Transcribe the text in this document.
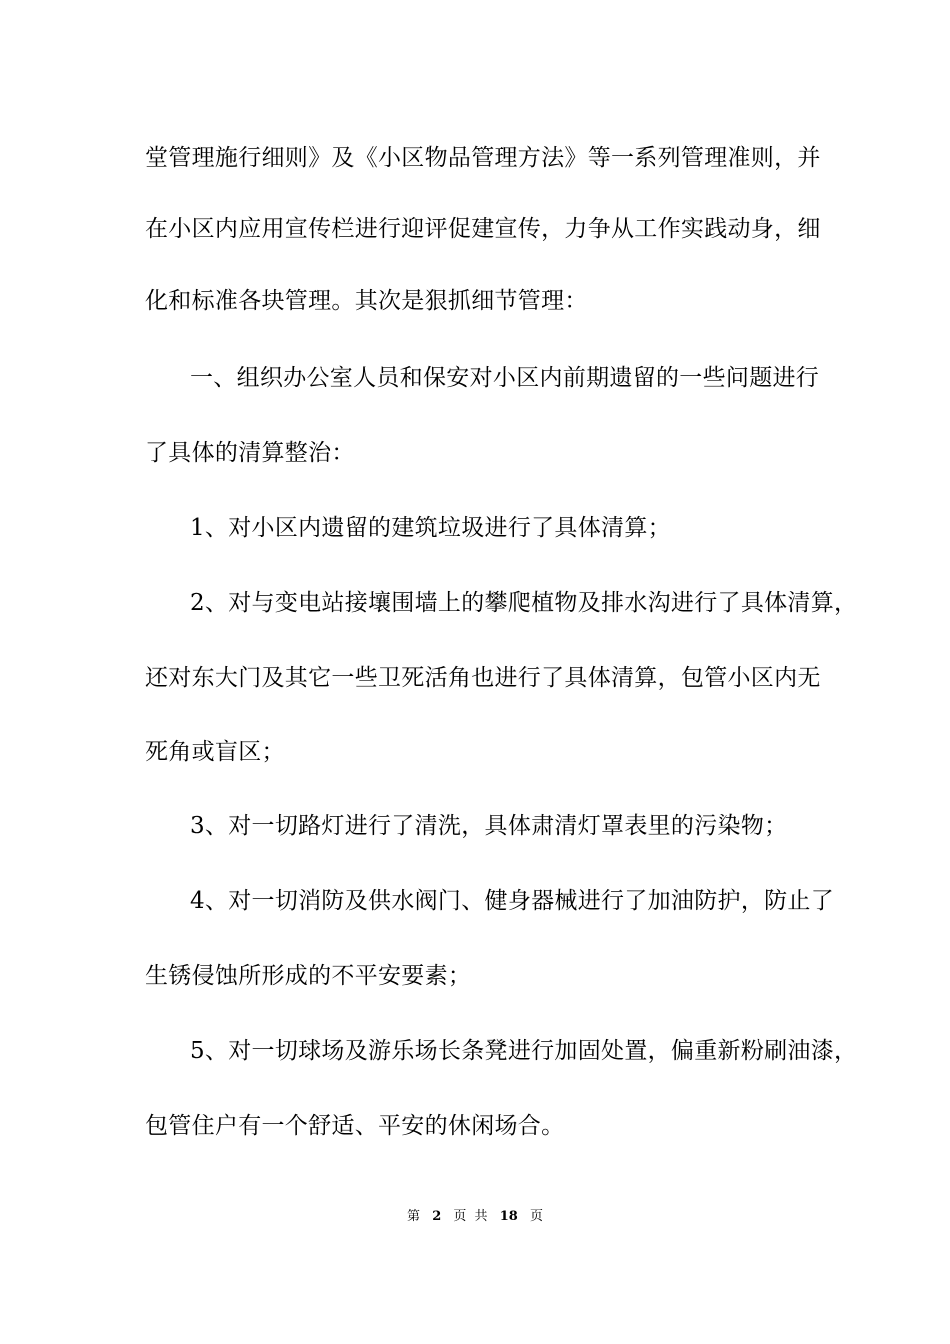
堂管理施行细则》及《小区物品管理方法》等一系列管理准则，并
在小区内应用宣传栏进行迎评促建宣传，力争从工作实践动身，细
化和标准各块管理。其次是狠抓细节管理：
一、组织办公室人员和保安对小区内前期遗留的一些问题进行
了具体的清算整治：
1、对小区内遗留的建筑垃圾进行了具体清算；
2、对与变电站接壤围墙上的攀爬植物及排水沟进行了具体清算，
还对东大门及其它一些卫死活角也进行了具体清算，包管小区内无
死角或盲区；
3、对一切路灯进行了清洗，具体肃清灯罩表里的污染物；
4、对一切消防及供水阀门、健身器械进行了加油防护，防止了
生锈侵蚀所形成的不平安要素；
5、对一切球场及游乐场长条凳进行加固处置，偏重新粉刷油漆，
包管住户有一个舒适、平安的休闲场合。
第 2 页 共 18 页
